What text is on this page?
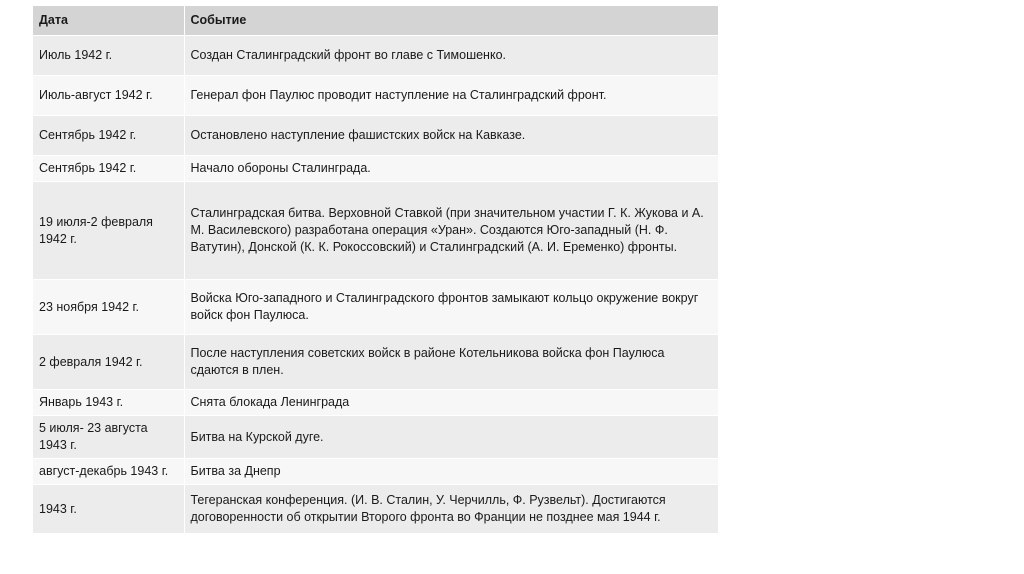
Дата	Событие
Июль 1942 г.	Создан Сталинградский фронт во главе с Тимошенко.
Июль-август 1942 г.	Генерал фон Паулюс проводит наступление на Сталинградский фронт.
Сентябрь 1942 г.	Остановлено наступление фашистских войск на Кавказе.
Сентябрь 1942 г.	Начало обороны Сталинграда.
19 июля-2 февраля 1942 г.	Сталинградская битва. Верховной Ставкой (при значительном участии Г. К. Жукова и А. М. Василевского) разработана операция «Уран». Создаются Юго-западный (Н. Ф. Ватутин), Донской (К. К. Рокоссовский) и Сталинградский (А. И. Еременко) фронты.
23 ноября 1942 г.	Войска Юго-западного и Сталинградского фронтов замыкают кольцо окружение вокруг войск фон Паулюса.
2 февраля 1942 г.	После наступления советских войск в районе Котельникова войска фон Паулюса сдаются в плен.
Январь 1943 г.	Снята блокада Ленинграда
5 июля- 23 августа 1943 г.	Битва на Курской дуге.
август-декабрь 1943 г.	Битва за Днепр
1943 г.	Тегеранская конференция. (И. В. Сталин, У. Черчилль, Ф. Рузвельт). Достигаются договоренности об открытии Второго фронта во Франции не позднее мая 1944 г.
